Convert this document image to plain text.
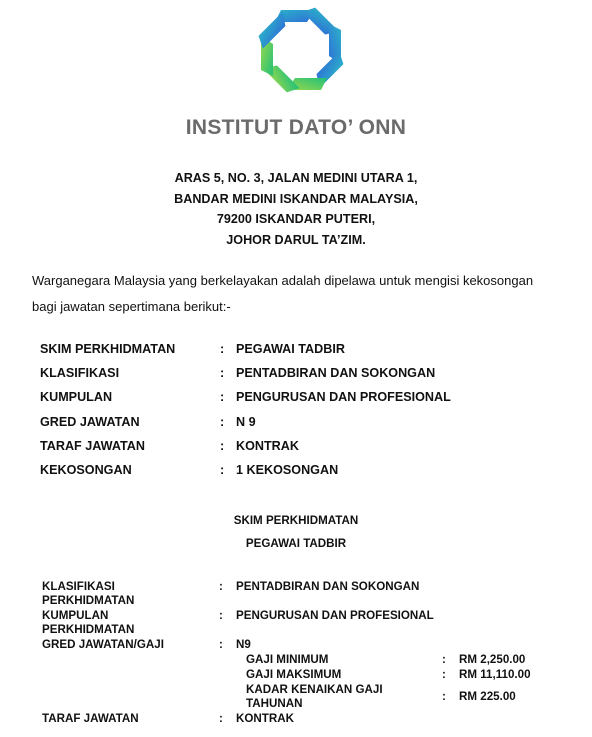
INSTITUT DATO’ ONN
ARAS 5, NO. 3, JALAN MEDINI UTARA 1,
BANDAR MEDINI ISKANDAR MALAYSIA,
79200 ISKANDAR PUTERI,
JOHOR DARUL TA’ZIM.
Warganegara Malaysia yang berkelayakan adalah dipelawa untuk mengisi kekosongan
bagi jawatan sepertimana berikut:-
SKIM PERKHIDMATAN	: PEGAWAI TADBIR
KLASIFIKASI	: PENTADBIRAN DAN SOKONGAN
KUMPULAN	: PENGURUSAN DAN PROFESIONAL
GRED JAWATAN	: N 9
TARAF JAWATAN	: KONTRAK
KEKOSONGAN	: 1 KEKOSONGAN
SKIM PERKHIDMATAN
PEGAWAI TADBIR
KLASIFIKASI
PERKHIDMATAN
: PENTADBIRAN DAN SOKONGAN
KUMPULAN
PERKHIDMATAN
: PENGURUSAN DAN PROFESIONAL
GRED JAWATAN/GAJI	: N9
GAJI MINIMUM	: RM 2,250.00
GAJI MAKSIMUM	: RM 11,110.00
KADAR KENAIKAN GAJI
TAHUNAN
: RM 225.00
TARAF JAWATAN	: KONTRAK
